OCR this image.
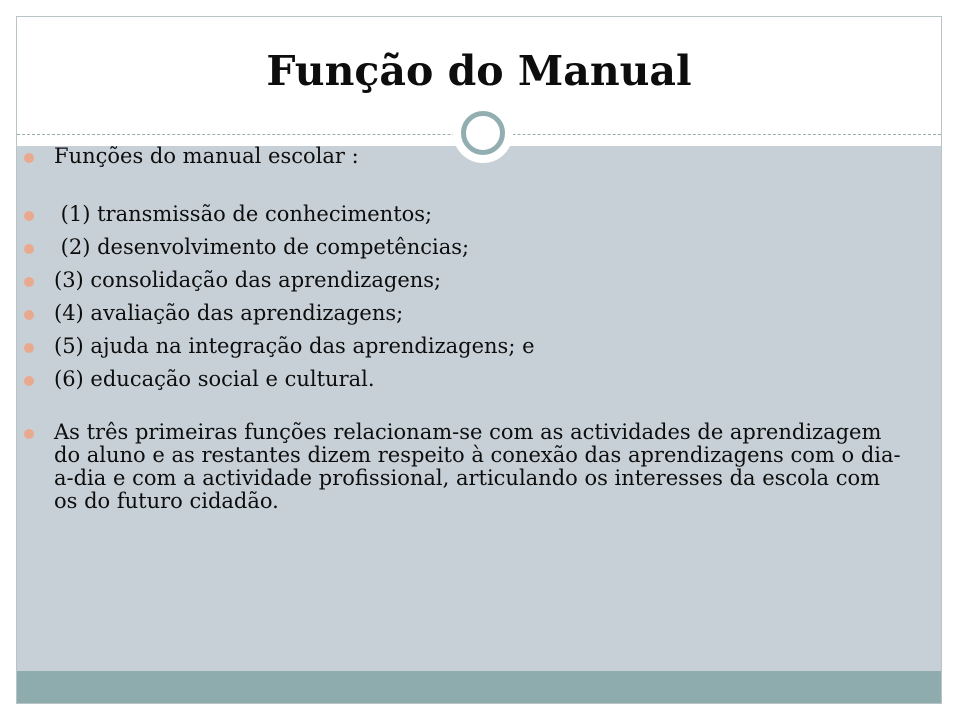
Função do Manual
Funções do manual escolar :
(1) transmissão de conhecimentos;
(2) desenvolvimento de competências;
(3) consolidação das aprendizagens;
(4) avaliação das aprendizagens;
(5) ajuda na integração das aprendizagens; e
(6) educação social e cultural.
As três primeiras funções relacionam-se com as actividades de aprendizagem do aluno e as restantes dizem respeito à conexão das aprendizagens com o dia-a-dia e com a actividade profissional, articulando os interesses da escola com os do futuro cidadão.
